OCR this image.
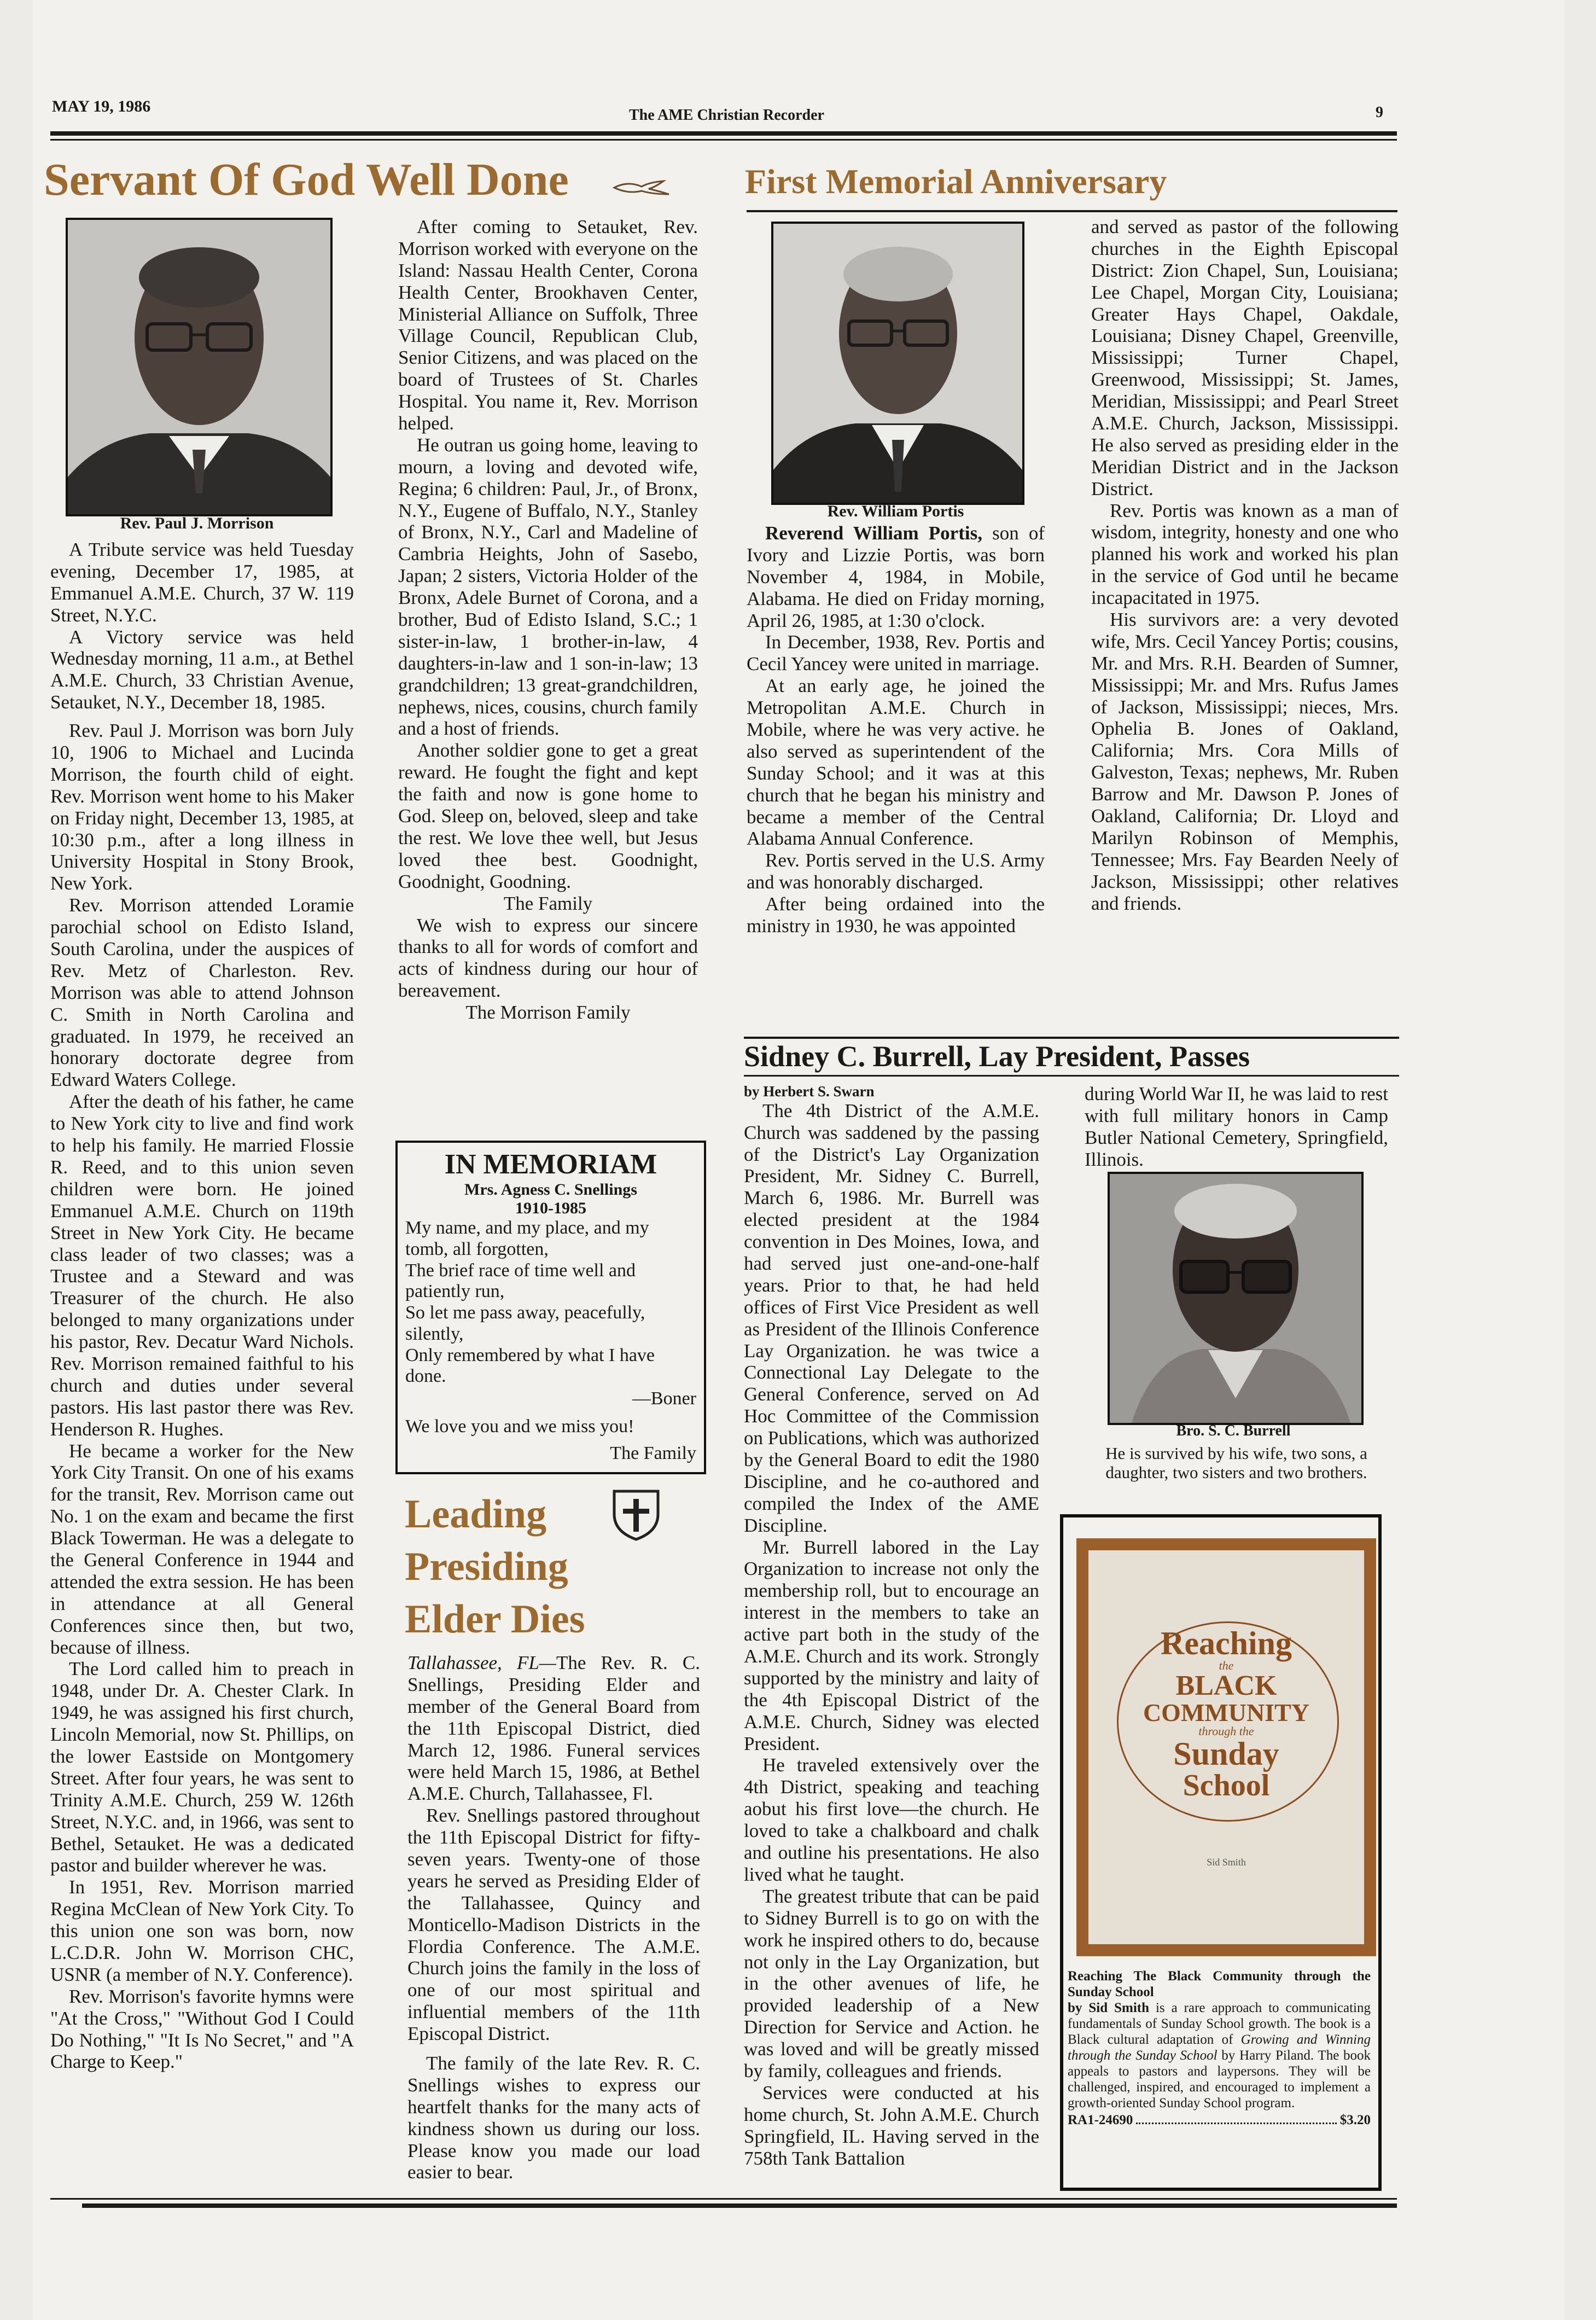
MAY 19, 1986	The AME Christian Recorder	9
Servant Of God Well Done
Rev. Paul J. Morrison

A Tribute service was held Tuesday evening, December 17, 1985, at Emmanuel A.M.E. Church, 37 W. 119 Street, N.Y.C.

A Victory service was held Wednesday morning, 11 a.m., at Bethel A.M.E. Church, 33 Christian Avenue, Setauket, N.Y., December 18, 1985.

Rev. Paul J. Morrison was born July 10, 1906 to Michael and Lucinda Morrison, the fourth child of eight. Rev. Morrison went home to his Maker on Friday night, December 13, 1985, at 10:30 p.m., after a long illness in University Hospital in Stony Brook, New York.

Rev. Morrison attended Loramie parochial school on Edisto Island, South Carolina, under the auspices of Rev. Metz of Charleston. Rev. Morrison was able to attend Johnson C. Smith in North Carolina and graduated. In 1979, he received an honorary doctorate degree from Edward Waters College.

After the death of his father, he came to New York city to live and find work to help his family. He married Flossie R. Reed, and to this union seven children were born. He joined Emmanuel A.M.E. Church on 119th Street in New York City. He became class leader of two classes; was a Trustee and a Steward and was Treasurer of the church. He also belonged to many organizations under his pastor, Rev. Decatur Ward Nichols. Rev. Morrison remained faithful to his church and duties under several pastors. His last pastor there was Rev. Henderson R. Hughes.

He became a worker for the New York City Transit. On one of his exams for the transit, Rev. Morrison came out No. 1 on the exam and became the first Black Towerman. He was a delegate to the General Conference in 1944 and attended the extra session. He has been in attendance at all General Conferences since then, but two, because of illness.

The Lord called him to preach in 1948, under Dr. A. Chester Clark. In 1949, he was assigned his first church, Lincoln Memorial, now St. Phillips, on the lower Eastside on Montgomery Street. After four years, he was sent to Trinity A.M.E. Church, 259 W. 126th Street, N.Y.C. and, in 1966, was sent to Bethel, Setauket. He was a dedicated pastor and builder wherever he was.

In 1951, Rev. Morrison married Regina McClean of New York City. To this union one son was born, now L.C.D.R. John W. Morrison CHC, USNR (a member of N.Y. Conference).

Rev. Morrison's favorite hymns were "At the Cross," "Without God I Could Do Nothing," "It Is No Secret," and "A Charge to Keep."

After coming to Setauket, Rev. Morrison worked with everyone on the Island: Nassau Health Center, Corona Health Center, Brookhaven Center, Ministerial Alliance on Suffolk, Three Village Council, Republican Club, Senior Citizens, and was placed on the board of Trustees of St. Charles Hospital. You name it, Rev. Morrison helped.

He outran us going home, leaving to mourn, a loving and devoted wife, Regina; 6 children: Paul, Jr., of Bronx, N.Y., Eugene of Buffalo, N.Y., Stanley of Bronx, N.Y., Carl and Madeline of Cambria Heights, John of Sasebo, Japan; 2 sisters, Victoria Holder of the Bronx, Adele Burnet of Corona, and a brother, Bud of Edisto Island, S.C.; 1 sister-in-law, 1 brother-in-law, 4 daughters-in-law and 1 son-in-law; 13 grandchildren; 13 great-grandchildren, nephews, nices, cousins, church family and a host of friends.

Another soldier gone to get a great reward. He fought the fight and kept the faith and now is gone home to God. Sleep on, beloved, sleep and take the rest. We love thee well, but Jesus loved thee best. Goodnight, Goodnight, Goodning.

The Family

We wish to express our sincere thanks to all for words of comfort and acts of kindness during our hour of bereavement.

The Morrison Family

IN MEMORIAM
Mrs. Agness C. Snellings
1910-1985
My name, and my place, and my tomb, all forgotten,
The brief race of time well and patiently run,
So let me pass away, peacefully, silently,
Only remembered by what I have done.
—Boner
We love you and we miss you!
The Family
Leading
Presiding
Elder Dies

Tallahassee, FL—The Rev. R. C. Snellings, Presiding Elder and member of the General Board from the 11th Episcopal District, died March 12, 1986. Funeral services were held March 15, 1986, at Bethel A.M.E. Church, Tallahassee, Fl.

Rev. Snellings pastored throughout the 11th Episcopal District for fifty-seven years. Twenty-one of those years he served as Presiding Elder of the Tallahassee, Quincy and Monticello-Madison Districts in the Flordia Conference. The A.M.E. Church joins the family in the loss of one of our most spiritual and influential members of the 11th Episcopal District.

The family of the late Rev. R. C. Snellings wishes to express our heartfelt thanks for the many acts of kindness shown us during our loss. Please know you made our load easier to bear.

First Memorial Anniversary
Rev. William Portis

Reverend William Portis, son of Ivory and Lizzie Portis, was born November 4, 1984, in Mobile, Alabama. He died on Friday morning, April 26, 1985, at 1:30 o'clock.

In December, 1938, Rev. Portis and Cecil Yancey were united in marriage.

At an early age, he joined the Metropolitan A.M.E. Church in Mobile, where he was very active. he also served as superintendent of the Sunday School; and it was at this church that he began his ministry and became a member of the Central Alabama Annual Conference.

Rev. Portis served in the U.S. Army and was honorably discharged.

After being ordained into the ministry in 1930, he was appointed

and served as pastor of the following churches in the Eighth Episcopal District: Zion Chapel, Sun, Louisiana; Lee Chapel, Morgan City, Louisiana; Greater Hays Chapel, Oakdale, Louisiana; Disney Chapel, Greenville, Mississippi; Turner Chapel, Greenwood, Mississippi; St. James, Meridian, Mississippi; and Pearl Street A.M.E. Church, Jackson, Mississippi. He also served as presiding elder in the Meridian District and in the Jackson District.

Rev. Portis was known as a man of wisdom, integrity, honesty and one who planned his work and worked his plan in the service of God until he became incapacitated in 1975.

His survivors are: a very devoted wife, Mrs. Cecil Yancey Portis; cousins, Mr. and Mrs. R.H. Bearden of Sumner, Mississippi; Mr. and Mrs. Rufus James of Jackson, Mississippi; nieces, Mrs. Ophelia B. Jones of Oakland, California; Mrs. Cora Mills of Galveston, Texas; nephews, Mr. Ruben Barrow and Mr. Dawson P. Jones of Oakland, California; Dr. Lloyd and Marilyn Robinson of Memphis, Tennessee; Mrs. Fay Bearden Neely of Jackson, Mississippi; other relatives and friends.

Sidney C. Burrell, Lay President, Passes
by Herbert S. Swarn

The 4th District of the A.M.E. Church was saddened by the passing of the District's Lay Organization President, Mr. Sidney C. Burrell, March 6, 1986. Mr. Burrell was elected president at the 1984 convention in Des Moines, Iowa, and had served just one-and-one-half years. Prior to that, he had held offices of First Vice President as well as President of the Illinois Conference Lay Organization. he was twice a Connectional Lay Delegate to the General Conference, served on Ad Hoc Committee of the Commission on Publications, which was authorized by the General Board to edit the 1980 Discipline, and he co-authored and compiled the Index of the AME Discipline.

Mr. Burrell labored in the Lay Organization to increase not only the membership roll, but to encourage an interest in the members to take an active part both in the study of the A.M.E. Church and its work. Strongly supported by the ministry and laity of the 4th Episcopal District of the A.M.E. Church, Sidney was elected President.

He traveled extensively over the 4th District, speaking and teaching aobut his first love—the church. He loved to take a chalkboard and chalk and outline his presentations. He also lived what he taught.

The greatest tribute that can be paid to Sidney Burrell is to go on with the work he inspired others to do, because not only in the Lay Organization, but in the other avenues of life, he provided leadership of a New Direction for Service and Action. he was loved and will be greatly missed by family, colleagues and friends.

Services were conducted at his home church, St. John A.M.E. Church Springfield, IL. Having served in the 758th Tank Battalion

during World War II, he was laid to rest with full military honors in Camp Butler National Cemetery, Springfield, Illinois.

Bro. S. C. Burrell
He is survived by his wife, two sons, a daughter, two sisters and two brothers.
Reaching
the
BLACK
COMMUNITY
through the
Sunday
School
Sid Smith
Reaching The Black Community through the Sunday School
by Sid Smith is a rare approach to communicating fundamentals of Sunday School growth. The book is a Black cultural adaptation of Growing and Winning through the Sunday School by Harry Piland. The book appeals to pastors and laypersons. They will be challenged, inspired, and encouraged to implement a growth-oriented Sunday School program.
RA1-24690	$3.20
